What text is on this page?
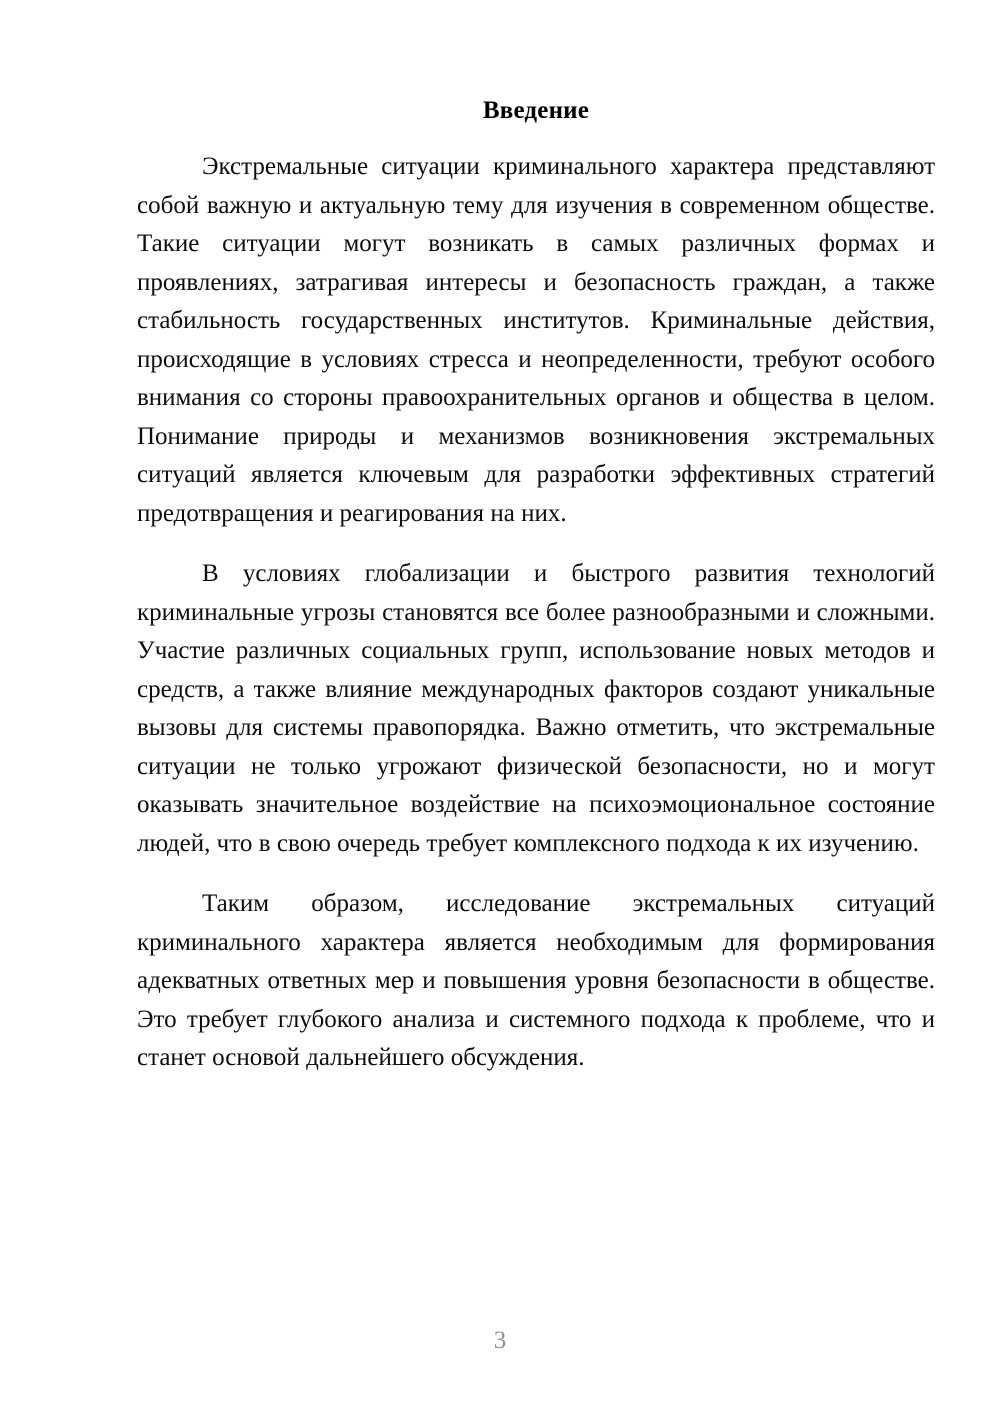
Введение

Экстремальные ситуации криминального характера представляют собой важную и актуальную тему для изучения в современном обществе. Такие ситуации могут возникать в самых различных формах и проявлениях, затрагивая интересы и безопасность граждан, а также стабильность государственных институтов. Криминальные действия, происходящие в условиях стресса и неопределенности, требуют особого внимания со стороны правоохранительных органов и общества в целом. Понимание природы и механизмов возникновения экстремальных ситуаций является ключевым для разработки эффективных стратегий предотвращения и реагирования на них.

В условиях глобализации и быстрого развития технологий криминальные угрозы становятся все более разнообразными и сложными. Участие различных социальных групп, использование новых методов и средств, а также влияние международных факторов создают уникальные вызовы для системы правопорядка. Важно отметить, что экстремальные ситуации не только угрожают физической безопасности, но и могут оказывать значительное воздействие на психоэмоциональное состояние людей, что в свою очередь требует комплексного подхода к их изучению.

Таким образом, исследование экстремальных ситуаций криминального характера является необходимым для формирования адекватных ответных мер и повышения уровня безопасности в обществе. Это требует глубокого анализа и системного подхода к проблеме, что и станет основой дальнейшего обсуждения.

3
